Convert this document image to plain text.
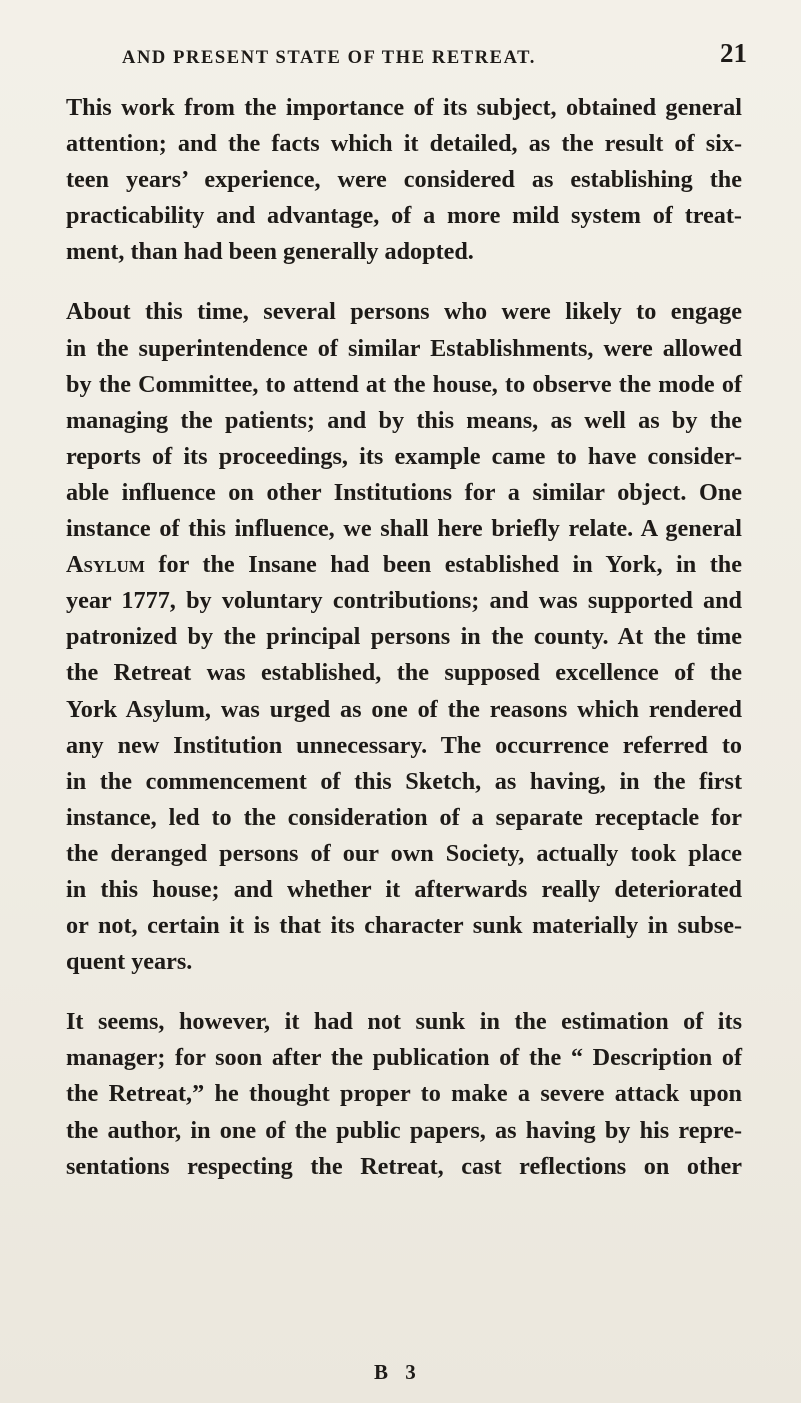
AND PRESENT STATE OF THE RETREAT.	21

This work from the importance of its subject, obtained general
attention; and the facts which it detailed, as the result of six-
teen years’ experience, were considered as establishing the
practicability and advantage, of a more mild system of treat-
ment, than had been generally adopted.

About this time, several persons who were likely to engage
in the superintendence of similar Establishments, were allowed
by the Committee, to attend at the house, to observe the mode of
managing the patients; and by this means, as well as by the
reports of its proceedings, its example came to have consider-
able influence on other Institutions for a similar object. One
instance of this influence, we shall here briefly relate. A general
Asylum for the Insane had been established in York, in the
year 1777, by voluntary contributions; and was supported and
patronized by the principal persons in the county. At the time
the Retreat was established, the supposed excellence of the
York Asylum, was urged as one of the reasons which rendered
any new Institution unnecessary. The occurrence referred to
in the commencement of this Sketch, as having, in the first
instance, led to the consideration of a separate receptacle for
the deranged persons of our own Society, actually took place
in this house; and whether it afterwards really deteriorated
or not, certain it is that its character sunk materially in subse-
quent years.

It seems, however, it had not sunk in the estimation of its
manager; for soon after the publication of the “ Description of
the Retreat,” he thought proper to make a severe attack upon
the author, in one of the public papers, as having by his repre-
sentations respecting the Retreat, cast reflections on other

B 3
